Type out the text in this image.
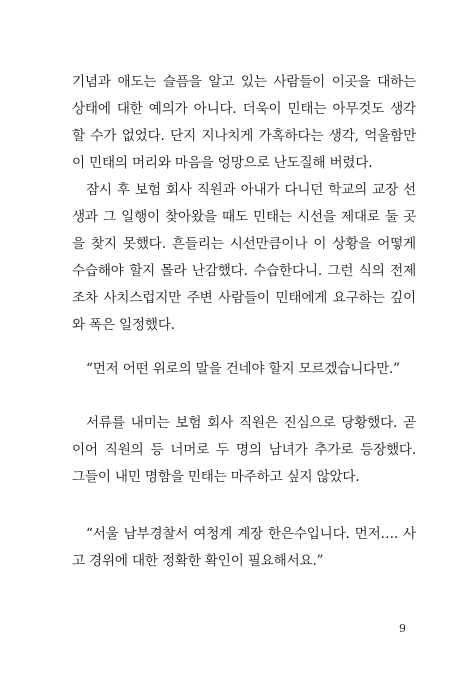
기념과 애도는 슬픔을 알고 있는 사람들이 이곳을 대하는
상태에 대한 예의가 아니다. 더욱이 민태는 아무것도 생각
할 수가 없었다. 단지 지나치게 가혹하다는 생각, 억울함만
이 민태의 머리와 마음을 엉망으로 난도질해 버렸다.

잠시 후 보험 회사 직원과 아내가 다니던 학교의 교장 선
생과 그 일행이 찾아왔을 때도 민태는 시선을 제대로 둘 곳
을 찾지 못했다. 흔들리는 시선만큼이나 이 상황을 어떻게
수습해야 할지 몰라 난감했다. 수습한다니. 그런 식의 전제
조차 사치스럽지만 주변 사람들이 민태에게 요구하는 깊이
와 폭은 일정했다.

“먼저 어떤 위로의 말을 건네야 할지 모르겠습니다만.”

서류를 내미는 보험 회사 직원은 진심으로 당황했다. 곧
이어 직원의 등 너머로 두 명의 남녀가 추가로 등장했다.
그들이 내민 명함을 민태는 마주하고 싶지 않았다.

“서울 남부경찰서 여청계 계장 한은수입니다. 먼저…. 사
고 경위에 대한 정확한 확인이 필요해서요.”

9
